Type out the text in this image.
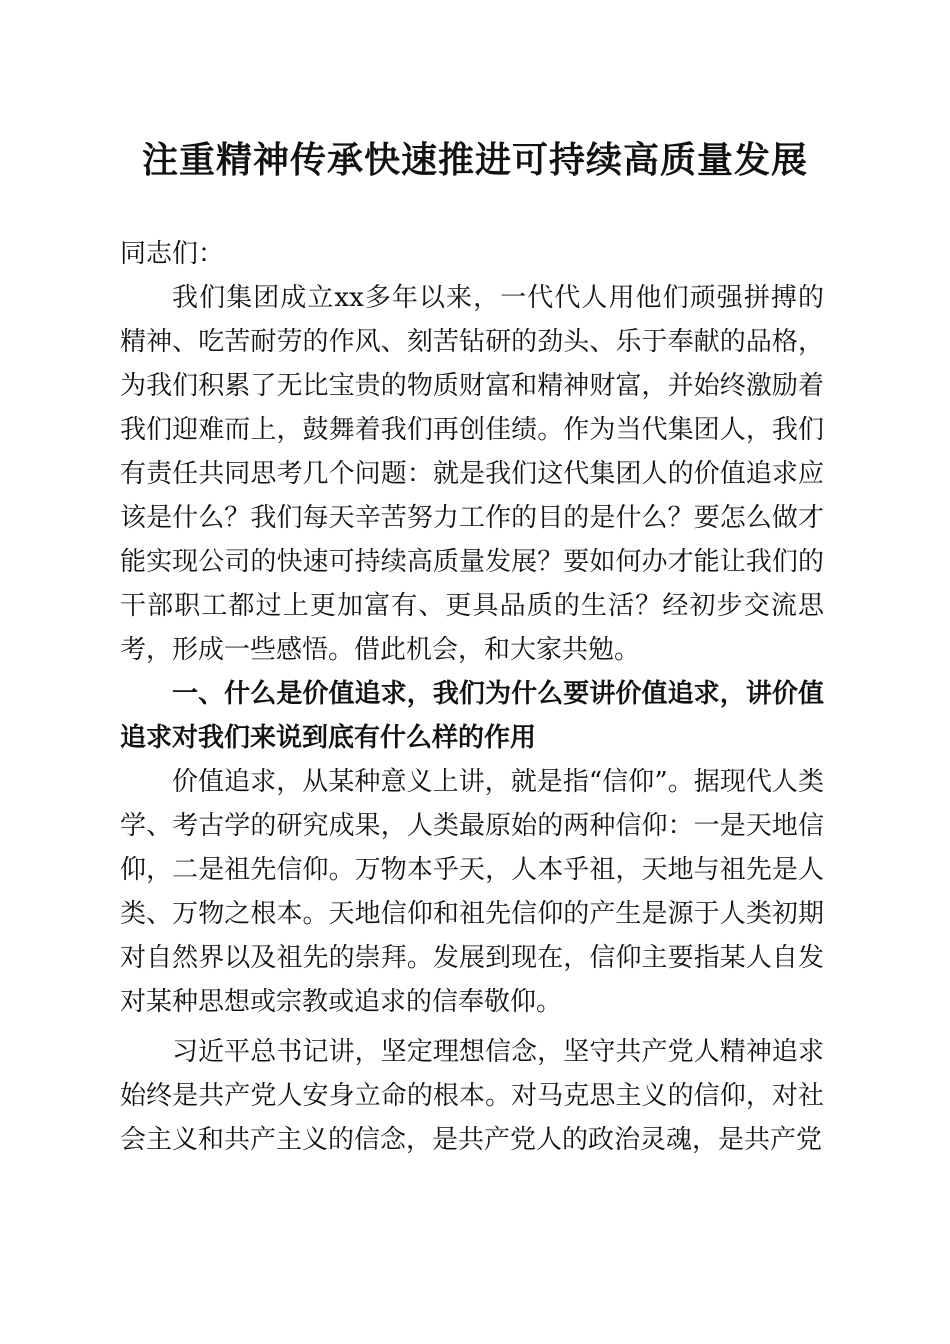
注重精神传承快速推进可持续高质量发展

同志们：

我们集团成立xx多年以来，一代代人用他们顽强拼搏的精神、吃苦耐劳的作风、刻苦钻研的劲头、乐于奉献的品格，为我们积累了无比宝贵的物质财富和精神财富，并始终激励着我们迎难而上，鼓舞着我们再创佳绩。作为当代集团人，我们有责任共同思考几个问题：就是我们这代集团人的价值追求应该是什么？我们每天辛苦努力工作的目的是什么？要怎么做才能实现公司的快速可持续高质量发展？要如何办才能让我们的干部职工都过上更加富有、更具品质的生活？经初步交流思考，形成一些感悟。借此机会，和大家共勉。

一、什么是价值追求，我们为什么要讲价值追求，讲价值追求对我们来说到底有什么样的作用

价值追求，从某种意义上讲，就是指“信仰”。据现代人类学、考古学的研究成果，人类最原始的两种信仰：一是天地信仰，二是祖先信仰。万物本乎天，人本乎祖，天地与祖先是人类、万物之根本。天地信仰和祖先信仰的产生是源于人类初期对自然界以及祖先的崇拜。发展到现在，信仰主要指某人自发对某种思想或宗教或追求的信奉敬仰。

习近平总书记讲，坚定理想信念，坚守共产党人精神追求始终是共产党人安身立命的根本。对马克思主义的信仰，对社会主义和共产主义的信念，是共产党人的政治灵魂，是共产党
